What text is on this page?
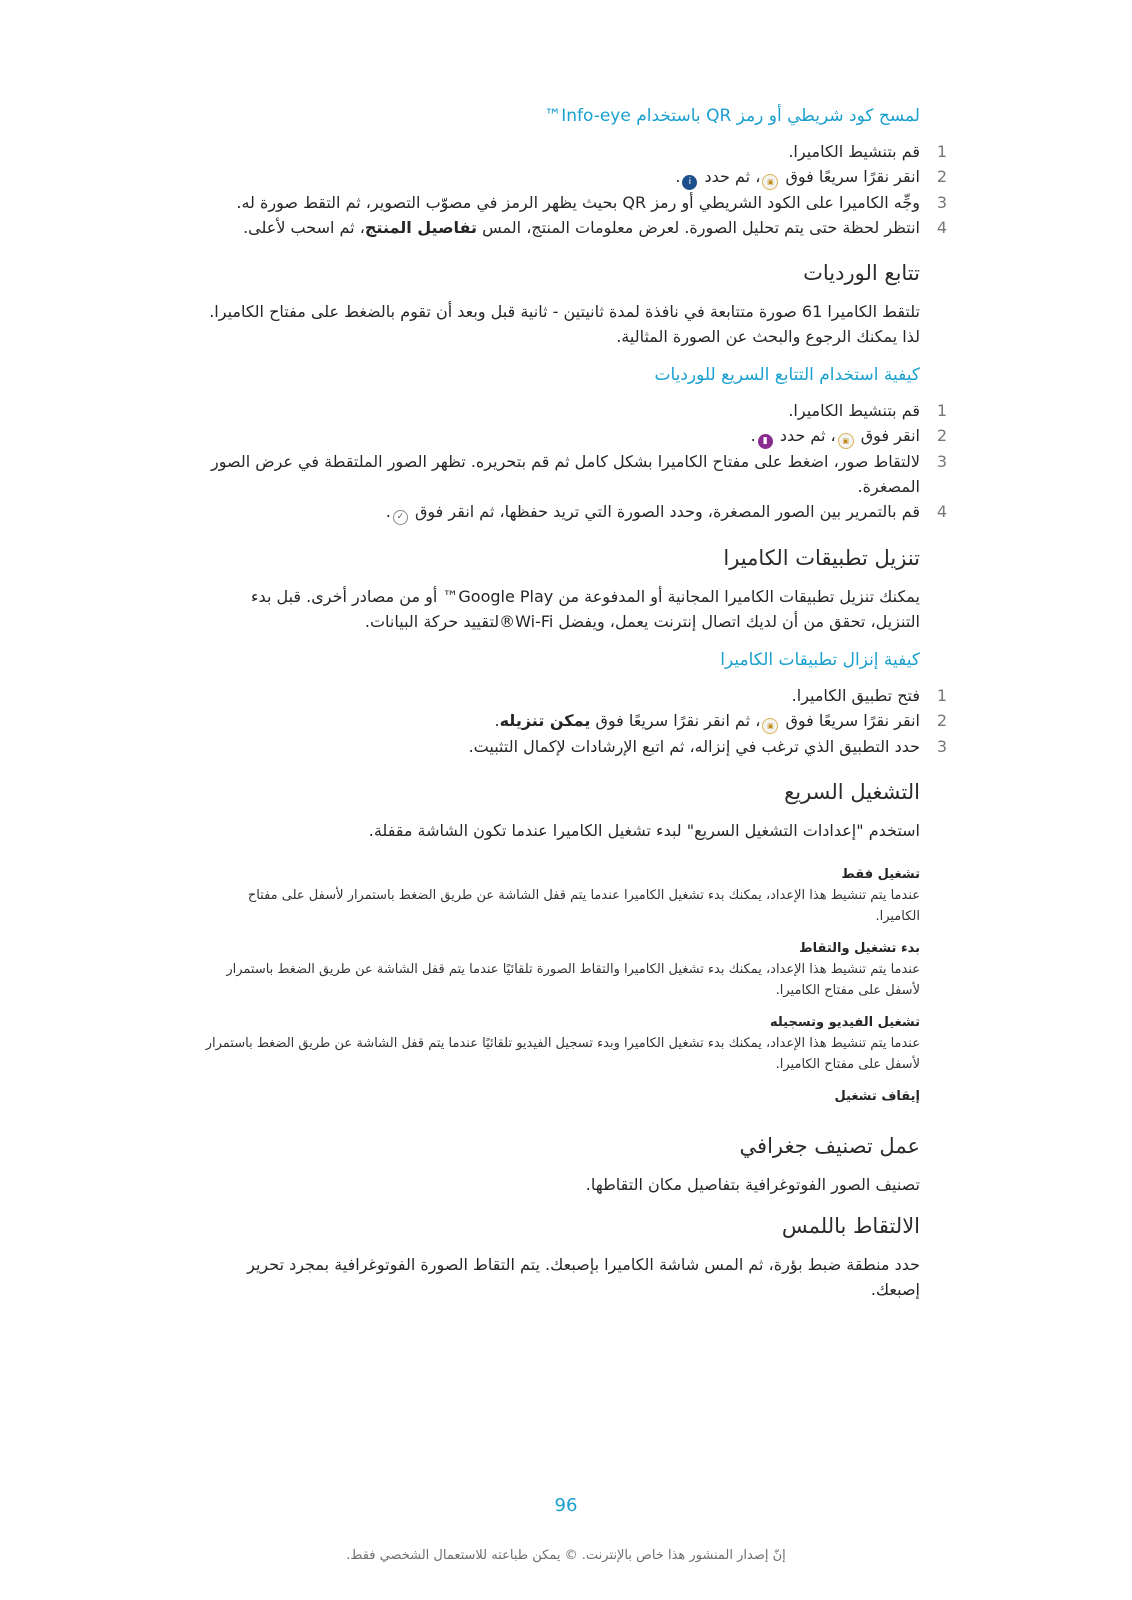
لمسح كود شريطي أو رمز QR باستخدام Info-eye™
1
قم بتنشيط الكاميرا.
2
انقر نقرًا سريعًا فوق ▣، ثم حدد i.
3
وجِّه الكاميرا على الكود الشريطي أو رمز QR بحيث يظهر الرمز في مصوّب التصوير، ثم التقط صورة له.
4
انتظر لحظة حتى يتم تحليل الصورة. لعرض معلومات المنتج، المس تفاصيل المنتج، ثم اسحب لأعلى.
تتابع الورديات

تلتقط الكاميرا 61 صورة متتابعة في نافذة لمدة ثانيتين - ثانية قبل وبعد أن تقوم بالضغط على مفتاح الكاميرا. لذا يمكنك الرجوع والبحث عن الصورة المثالية.

كيفية استخدام التتابع السريع للورديات
1
قم بتنشيط الكاميرا.
2
انقر فوق ▣، ثم حدد ▮.
3
لالتقاط صور، اضغط على مفتاح الكاميرا بشكل كامل ثم قم بتحريره. تظهر الصور الملتقطة في عرض الصور المصغرة.
4
قم بالتمرير بين الصور المصغرة، وحدد الصورة التي تريد حفظها، ثم انقر فوق ✓.
تنزيل تطبيقات الكاميرا

يمكنك تنزيل تطبيقات الكاميرا المجانية أو المدفوعة من Google Play™ أو من مصادر أخرى. قبل بدء التنزيل، تحقق من أن لديك اتصال إنترنت يعمل، ويفضل Wi-Fi®لتقييد حركة البيانات.

كيفية إنزال تطبيقات الكاميرا
1
فتح تطبيق الكاميرا.
2
انقر نقرًا سريعًا فوق ▣، ثم انقر نقرًا سريعًا فوق يمكن تنزيله.
3
حدد التطبيق الذي ترغب في إنزاله، ثم اتبع الإرشادات لإكمال التثبيت.
التشغيل السريع

استخدم "إعدادات التشغيل السريع" لبدء تشغيل الكاميرا عندما تكون الشاشة مقفلة.

تشغيل فقط

عندما يتم تنشيط هذا الإعداد، يمكنك بدء تشغيل الكاميرا عندما يتم قفل الشاشة عن طريق الضغط باستمرار لأسفل على مفتاح الكاميرا.

بدء تشغيل والتقاط

عندما يتم تنشيط هذا الإعداد، يمكنك بدء تشغيل الكاميرا والتقاط الصورة تلقائيًا عندما يتم قفل الشاشة عن طريق الضغط باستمرار لأسفل على مفتاح الكاميرا.

تشغيل الفيديو وتسجيله

عندما يتم تنشيط هذا الإعداد، يمكنك بدء تشغيل الكاميرا وبدء تسجيل الفيديو تلقائيًا عندما يتم قفل الشاشة عن طريق الضغط باستمرار لأسفل على مفتاح الكاميرا.

إيقاف تشغيل

عمل تصنيف جغرافي

تصنيف الصور الفوتوغرافية بتفاصيل مكان التقاطها.

الالتقاط باللمس

حدد منطقة ضبط بؤرة، ثم المس شاشة الكاميرا بإصبعك. يتم التقاط الصورة الفوتوغرافية بمجرد تحرير إصبعك.

96
إنّ إصدار المنشور هذا خاص بالإنترنت. © يمكن طباعته للاستعمال الشخصي فقط.
